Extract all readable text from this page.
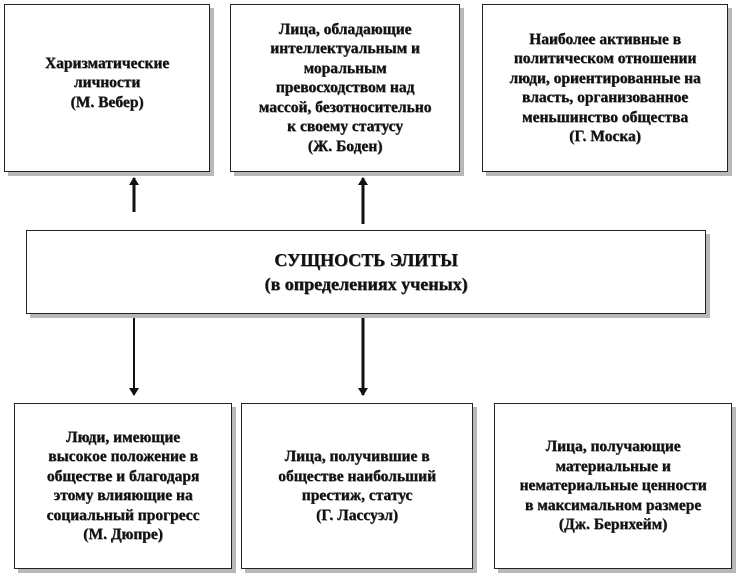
Харизматические
личности
(М. Вебер)
Лица, обладающие
интеллектуальным и
моральным
превосходством над
массой, безотносительно
к своему статусу
(Ж. Боден)
Наиболее активные в
политическом отношении
люди, ориентированные на
власть, организованное
меньшинство общества
(Г. Моска)
СУЩНОСТЬ ЭЛИТЫ
(в определениях ученых)
Люди, имеющие
высокое положение в
обществе и благодаря
этому влияющие на
социальный прогресс
(М. Дюпре)
Лица, получившие в
обществе наибольший
престиж, статус
(Г. Лассуэл)
Лица, получающие
материальные и
нематериальные ценности
в максимальном размере
(Дж. Бернхейм)
